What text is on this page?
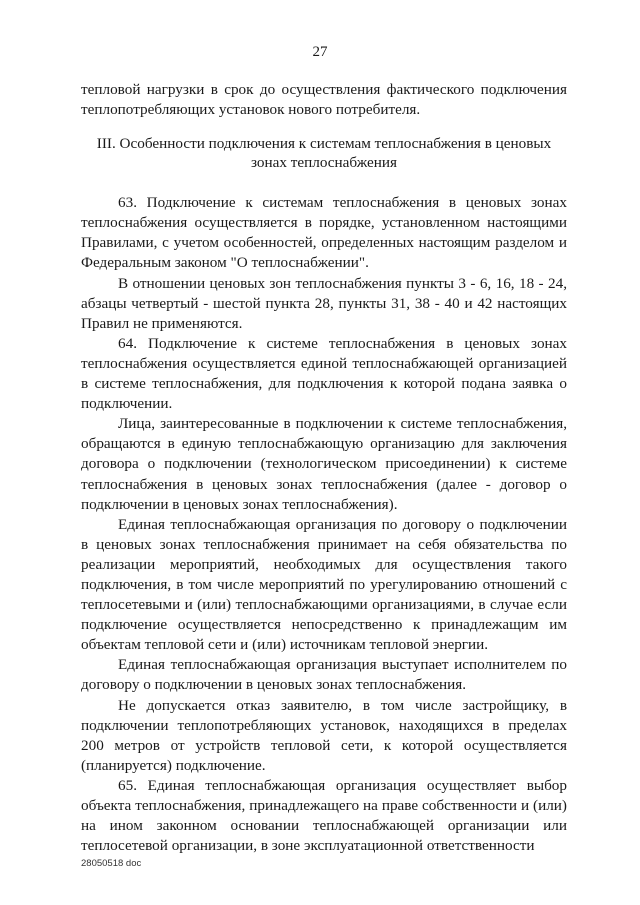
27

тепловой нагрузки в срок до осуществления фактического подключения теплопотребляющих установок нового потребителя.

III. Особенности подключения к системам теплоснабжения в ценовых зонах теплоснабжения

63. Подключение к системам теплоснабжения в ценовых зонах теплоснабжения осуществляется в порядке, установленном настоящими Правилами, с учетом особенностей, определенных настоящим разделом и Федеральным законом "О теплоснабжении".

В отношении ценовых зон теплоснабжения пункты 3 - 6, 16, 18 - 24, абзацы четвертый - шестой пункта 28, пункты 31, 38 - 40 и 42 настоящих Правил не применяются.

64. Подключение к системе теплоснабжения в ценовых зонах теплоснабжения осуществляется единой теплоснабжающей организацией в системе теплоснабжения, для подключения к которой подана заявка о подключении.

Лица, заинтересованные в подключении к системе теплоснабжения, обращаются в единую теплоснабжающую организацию для заключения договора о подключении (технологическом присоединении) к системе теплоснабжения в ценовых зонах теплоснабжения (далее - договор о подключении в ценовых зонах теплоснабжения).

Единая теплоснабжающая организация по договору о подключении в ценовых зонах теплоснабжения принимает на себя обязательства по реализации мероприятий, необходимых для осуществления такого подключения, в том числе мероприятий по урегулированию отношений с теплосетевыми и (или) теплоснабжающими организациями, в случае если подключение осуществляется непосредственно к принадлежащим им объектам тепловой сети и (или) источникам тепловой энергии.

Единая теплоснабжающая организация выступает исполнителем по договору о подключении в ценовых зонах теплоснабжения.

Не допускается отказ заявителю, в том числе застройщику, в подключении теплопотребляющих установок, находящихся в пределах 200 метров от устройств тепловой сети, к которой осуществляется (планируется) подключение.

65. Единая теплоснабжающая организация осуществляет выбор объекта теплоснабжения, принадлежащего на праве собственности и (или) на ином законном основании теплоснабжающей организации или теплосетевой организации, в зоне эксплуатационной ответственности

28050518 doc
